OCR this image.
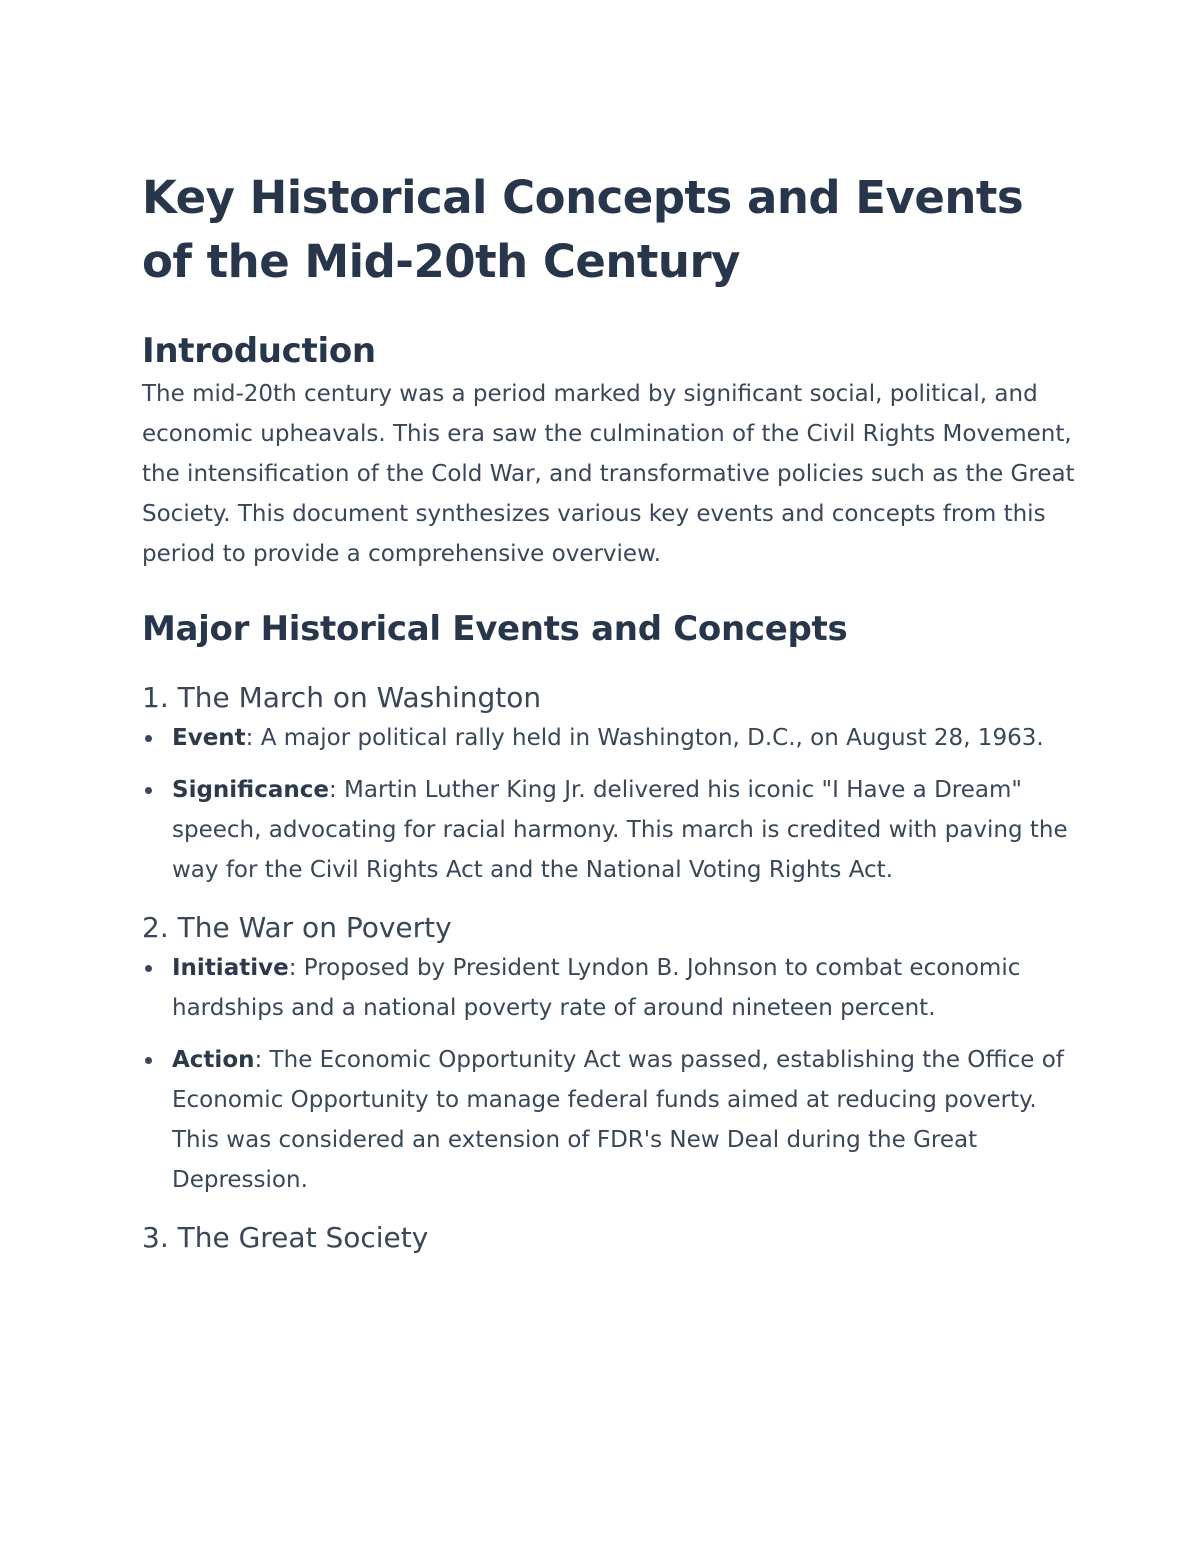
Key Historical Concepts and Events of the Mid-20th Century
Introduction

The mid-20th century was a period marked by significant social, political, and economic upheavals. This era saw the culmination of the Civil Rights Movement, the intensification of the Cold War, and transformative policies such as the Great Society. This document synthesizes various key events and concepts from this period to provide a comprehensive overview.

Major Historical Events and Concepts
1. The March on Washington
Event: A major political rally held in Washington, D.C., on August 28, 1963.
Significance: Martin Luther King Jr. delivered his iconic "I Have a Dream" speech, advocating for racial harmony. This march is credited with paving the way for the Civil Rights Act and the National Voting Rights Act.
2. The War on Poverty
Initiative: Proposed by President Lyndon B. Johnson to combat economic hardships and a national poverty rate of around nineteen percent.
Action: The Economic Opportunity Act was passed, establishing the Office of Economic Opportunity to manage federal funds aimed at reducing poverty. This was considered an extension of FDR's New Deal during the Great Depression.
3. The Great Society
